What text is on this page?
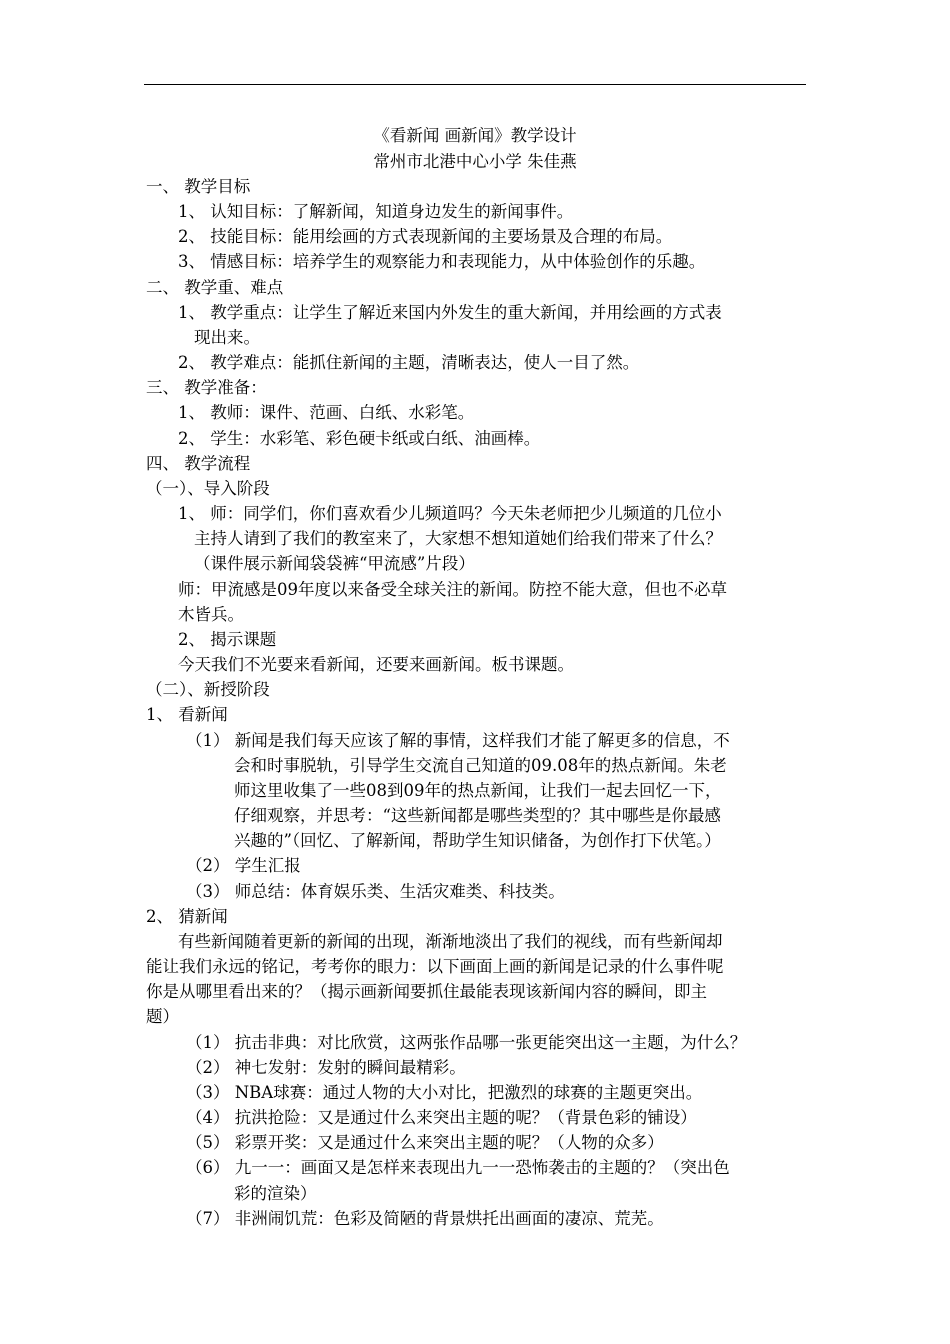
《看新闻 画新闻》教学设计
常州市北港中心小学 朱佳燕
一、 教学目标
1、 认知目标：了解新闻，知道身边发生的新闻事件。
2、 技能目标：能用绘画的方式表现新闻的主要场景及合理的布局。
3、 情感目标：培养学生的观察能力和表现能力，从中体验创作的乐趣。
二、 教学重、难点
1、 教学重点：让学生了解近来国内外发生的重大新闻，并用绘画的方式表
现出来。
2、 教学难点：能抓住新闻的主题，清晰表达，使人一目了然。
三、 教学准备：
1、 教师：课件、范画、白纸、水彩笔。
2、 学生：水彩笔、彩色硬卡纸或白纸、油画棒。
四、 教学流程
（一）、导入阶段
1、 师：同学们，你们喜欢看少儿频道吗？今天朱老师把少儿频道的几位小
主持人请到了我们的教室来了，大家想不想知道她们给我们带来了什么？
（课件展示新闻袋袋裤“甲流感”片段）
师：甲流感是09年度以来备受全球关注的新闻。防控不能大意，但也不必草
木皆兵。
2、 揭示课题
今天我们不光要来看新闻，还要来画新闻。板书课题。
（二）、新授阶段
1、 看新闻
（1） 新闻是我们每天应该了解的事情，这样我们才能了解更多的信息，不
会和时事脱轨，引导学生交流自己知道的09.08年的热点新闻。朱老
师这里收集了一些08到09年的热点新闻，让我们一起去回忆一下，
仔细观察，并思考：“这些新闻都是哪些类型的？其中哪些是你最感
兴趣的”（回忆、了解新闻，帮助学生知识储备，为创作打下伏笔。）
（2） 学生汇报
（3） 师总结：体育娱乐类、生活灾难类、科技类。
2、 猜新闻
有些新闻随着更新的新闻的出现，渐渐地淡出了我们的视线，而有些新闻却
能让我们永远的铭记，考考你的眼力：以下画面上画的新闻是记录的什么事件呢
你是从哪里看出来的？（揭示画新闻要抓住最能表现该新闻内容的瞬间，即主
题）
（1） 抗击非典：对比欣赏，这两张作品哪一张更能突出这一主题，为什么？
（2） 神七发射：发射的瞬间最精彩。
（3） NBA球赛：通过人物的大小对比，把激烈的球赛的主题更突出。
（4） 抗洪抢险：又是通过什么来突出主题的呢？（背景色彩的铺设）
（5） 彩票开奖：又是通过什么来突出主题的呢？（人物的众多）
（6） 九一一：画面又是怎样来表现出九一一恐怖袭击的主题的？（突出色
彩的渲染）
（7） 非洲闹饥荒：色彩及简陋的背景烘托出画面的凄凉、荒芜。
